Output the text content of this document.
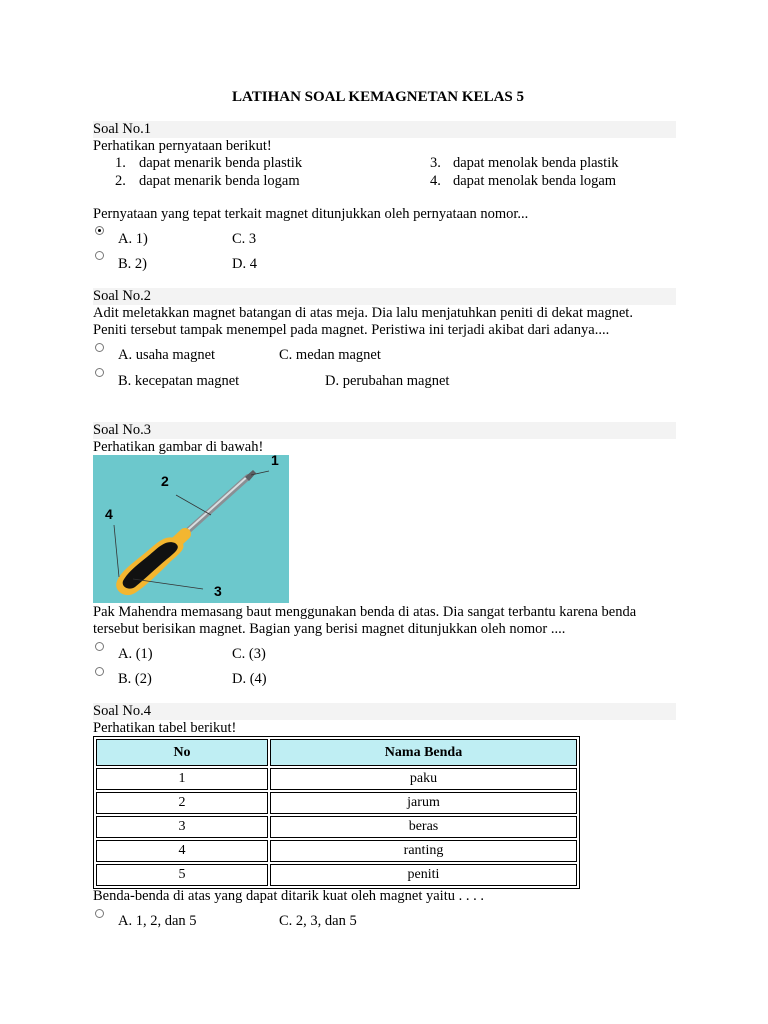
LATIHAN SOAL KEMAGNETAN KELAS 5
Soal No.1
Perhatikan pernyataan berikut!
1. dapat menarik benda plastik
2. dapat menarik benda logam
3. dapat menolak benda plastik
4. dapat menolak benda logam
Pernyataan yang tepat terkait magnet ditunjukkan oleh pernyataan nomor...
A. 1)	C. 3
B. 2)	D. 4
Soal No.2
Adit meletakkan magnet batangan di atas meja. Dia lalu menjatuhkan peniti di dekat magnet.
Peniti tersebut tampak menempel pada magnet. Peristiwa ini terjadi akibat dari adanya....
A. usaha magnet	C. medan magnet
B. kecepatan magnet	D. perubahan magnet
Soal No.3
Perhatikan gambar di bawah!
1
2
3
4
Pak Mahendra memasang baut menggunakan benda di atas. Dia sangat terbantu karena benda
tersebut berisikan magnet. Bagian yang berisi magnet ditunjukkan oleh nomor ....
A. (1)	C. (3)
B. (2)	D. (4)
Soal No.4
Perhatikan tabel berikut!
No	Nama Benda
1	paku
2	jarum
3	beras
4	ranting
5	peniti
Benda-benda di atas yang dapat ditarik kuat oleh magnet yaitu . . . .
A. 1, 2, dan 5	C. 2, 3, dan 5
